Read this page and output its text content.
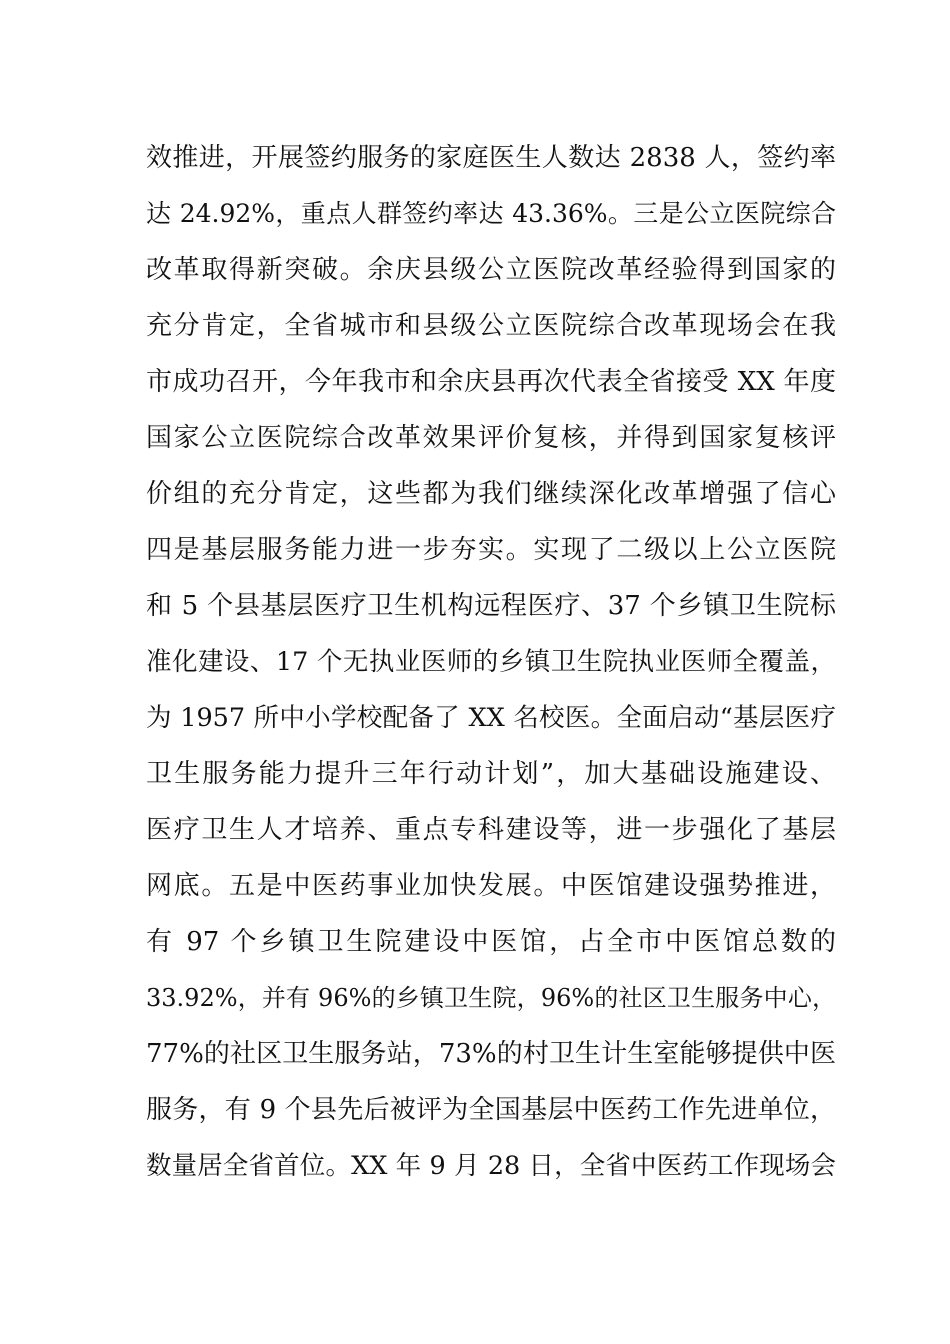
效推进，开展签约服务的家庭医生人数达 2838 人，签约率
达 24.92%，重点人群签约率达 43.36%。三是公立医院综合
改革取得新突破。余庆县级公立医院改革经验得到国家的
充分肯定，全省城市和县级公立医院综合改革现场会在我
市成功召开，今年我市和余庆县再次代表全省接受 XX 年度
国家公立医院综合改革效果评价复核，并得到国家复核评
价组的充分肯定，这些都为我们继续深化改革增强了信心
四是基层服务能力进一步夯实。实现了二级以上公立医院
和 5 个县基层医疗卫生机构远程医疗、37 个乡镇卫生院标
准化建设、17 个无执业医师的乡镇卫生院执业医师全覆盖，
为 1957 所中小学校配备了 XX 名校医。全面启动“基层医疗
卫生服务能力提升三年行动计划”，加大基础设施建设、
医疗卫生人才培养、重点专科建设等，进一步强化了基层
网底。五是中医药事业加快发展。中医馆建设强势推进，
有 97 个乡镇卫生院建设中医馆，占全市中医馆总数的
33.92%，并有 96%的乡镇卫生院，96%的社区卫生服务中心，
77%的社区卫生服务站，73%的村卫生计生室能够提供中医
服务，有 9 个县先后被评为全国基层中医药工作先进单位，
数量居全省首位。XX 年 9 月 28 日，全省中医药工作现场会
